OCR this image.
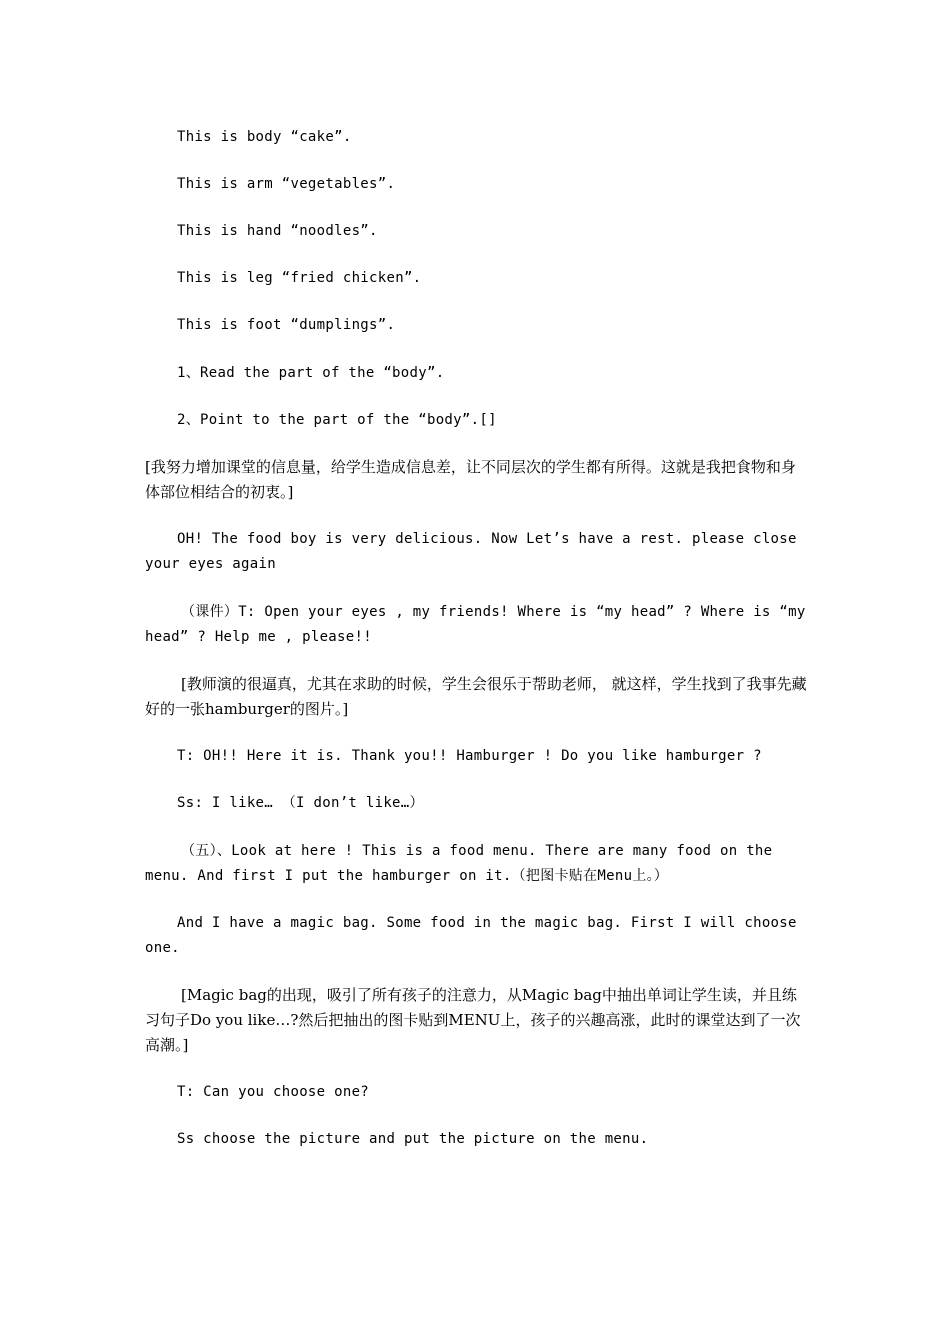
This is body “cake”.

This is arm “vegetables”.

This is hand “noodles”.

This is leg “fried chicken”.

This is foot “dumplings”.

1、Read the part of the “body”.

2、Point to the part of the “body”.[]

[我努力增加课堂的信息量，给学生造成信息差，让不同层次的学生都有所得。这就是我把食物和身体部位相结合的初衷。]

OH! The food boy is very delicious. Now Let’s have a rest. please close your eyes again

（课件）T: Open your eyes , my friends! Where is “my head” ? Where is “my head” ? Help me , please!!

[教师演的很逼真，尤其在求助的时候，学生会很乐于帮助老师， 就这样，学生找到了我事先藏好的一张hamburger的图片。]

T: OH!! Here it is. Thank you!! Hamburger ! Do you like hamburger ?

Ss: I like… （I don’t like…）

（五）、Look at here ! This is a food menu. There are many food on the menu. And first I put the hamburger on it.（把图卡贴在Menu上。）

And I have a magic bag. Some food in the magic bag. First I will choose one.

[Magic bag的出现，吸引了所有孩子的注意力，从Magic bag中抽出单词让学生读，并且练习句子Do you like…?然后把抽出的图卡贴到MENU上，孩子的兴趣高涨，此时的课堂达到了一次高潮。]

T: Can you choose one?

Ss choose the picture and put the picture on the menu.
